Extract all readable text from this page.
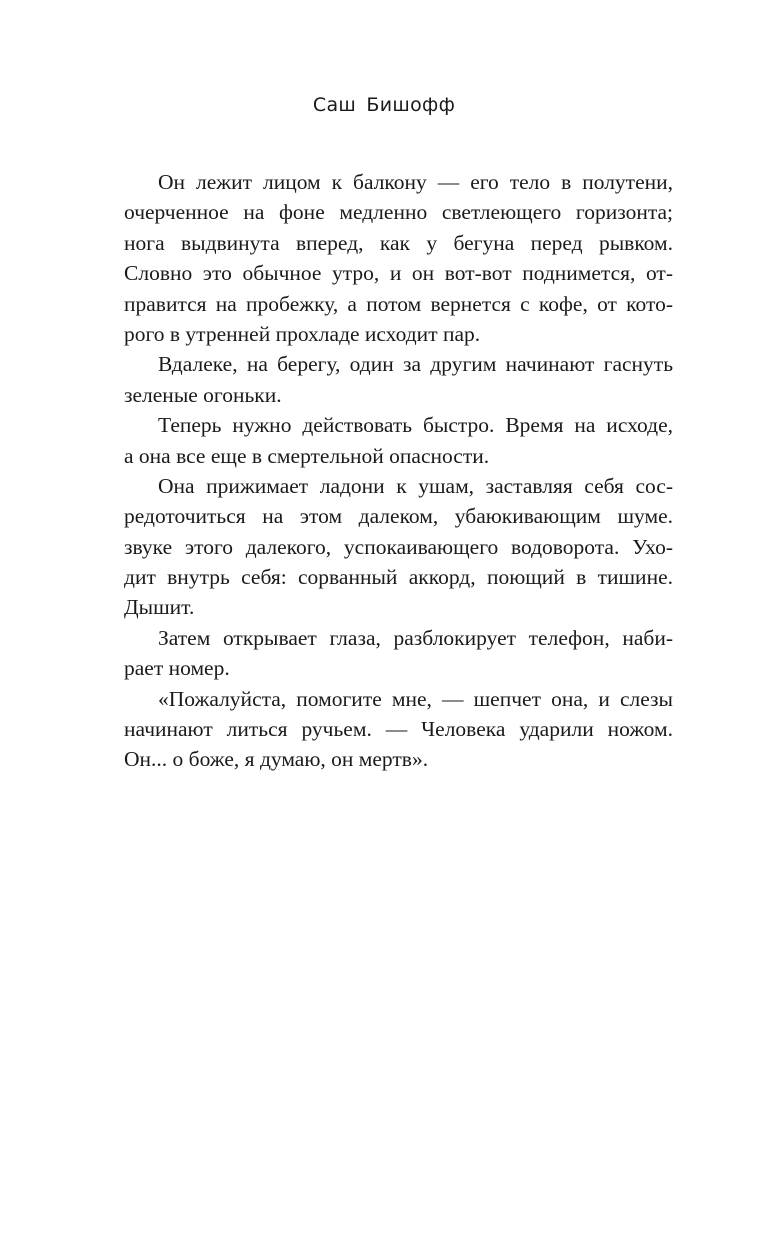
Саш Бишофф
Он лежит лицом к балкону — его тело в полутени,
очерченное на фоне медленно светлеющего горизонта;
нога выдвинута вперед, как у бегуна перед рывком.
Словно это обычное утро, и он вот-вот поднимется, от-
правится на пробежку, а потом вернется с кофе, от кото-
рого в утренней прохладе исходит пар.
Вдалеке, на берегу, один за другим начинают гаснуть
зеленые огоньки.
Теперь нужно действовать быстро. Время на исходе,
а она все еще в смертельной опасности.
Она прижимает ладони к ушам, заставляя себя сос-
редоточиться на этом далеком, убаюкивающим шуме.
звуке этого далекого, успокаивающего водоворота. Ухо-
дит внутрь себя: сорванный аккорд, поющий в тишине.
Дышит.
Затем открывает глаза, разблокирует телефон, наби-
рает номер.
«Пожалуйста, помогите мне, — шепчет она, и слезы
начинают литься ручьем. — Человека ударили ножом.
Он... о боже, я думаю, он мертв».
